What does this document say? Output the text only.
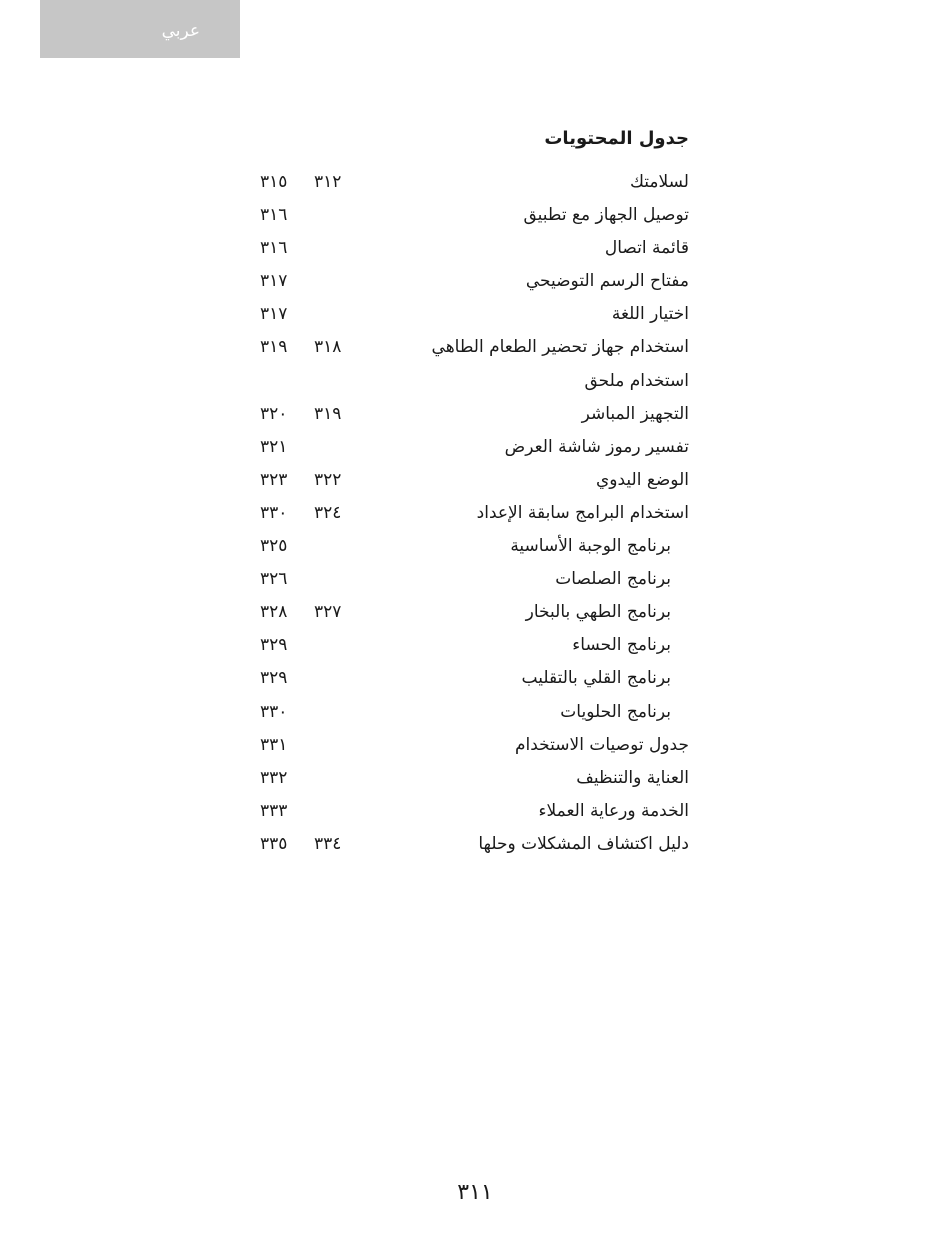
عربي
جدول المحتويات
لسلامتك
٣١٢
٣١٥
توصيل الجهاز مع تطبيق
٣١٦
قائمة اتصال
٣١٦
مفتاح الرسم التوضيحي
٣١٧
اختيار اللغة
٣١٧
استخدام جهاز تحضير الطعام الطاهي
٣١٨
٣١٩
استخدام ملحق
التجهيز المباشر
٣١٩
٣٢٠
تفسير رموز شاشة العرض
٣٢١
الوضع اليدوي
٣٢٢
٣٢٣
استخدام البرامج سابقة الإعداد
٣٢٤
٣٣٠
برنامج الوجبة الأساسية
٣٢٥
برنامج الصلصات
٣٢٦
برنامج الطهي بالبخار
٣٢٧
٣٢٨
برنامج الحساء
٣٢٩
برنامج القلي بالتقليب
٣٢٩
برنامج الحلويات
٣٣٠
جدول توصيات الاستخدام
٣٣١
العناية والتنظيف
٣٣٢
الخدمة ورعاية العملاء
٣٣٣
دليل اكتشاف المشكلات وحلها
٣٣٤
٣٣٥
٣١١
